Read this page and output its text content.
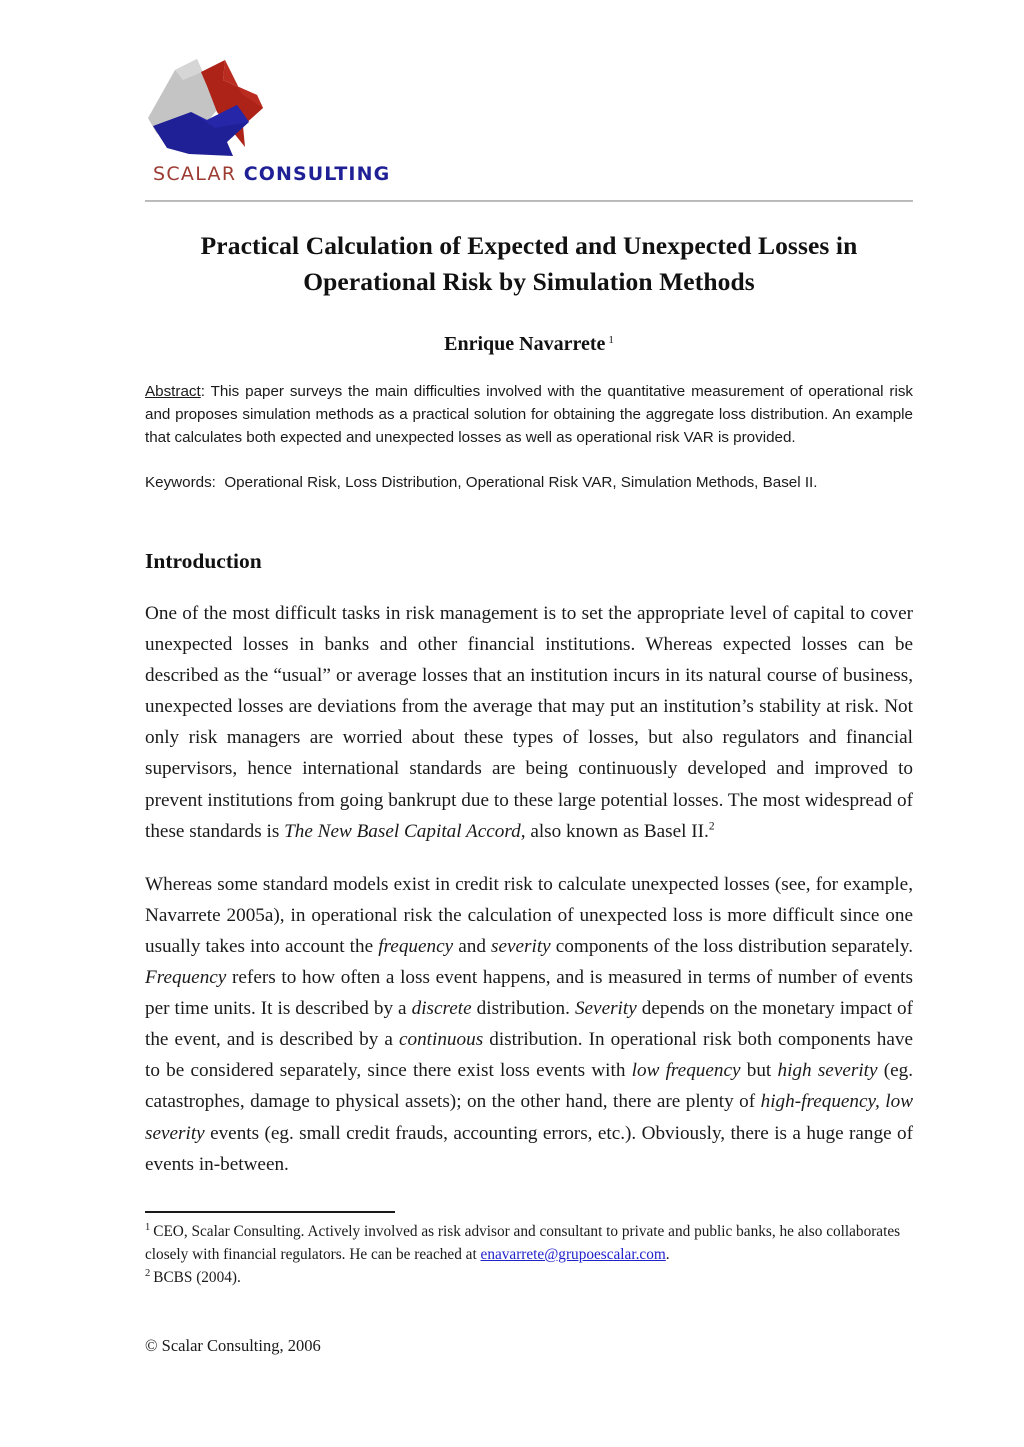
SCALAR CONSULTING
Practical Calculation of Expected and Unexpected Losses in
Operational Risk by Simulation Methods

Enrique Navarrete $^1$

Abstract: This paper surveys the main difficulties involved with the quantitative measurement of operational risk and proposes simulation methods as a practical solution for obtaining the aggregate loss distribution. An example that calculates both expected and unexpected losses as well as operational risk VAR is provided.

Keywords: Operational Risk, Loss Distribution, Operational Risk VAR, Simulation Methods, Basel II.

Introduction

One of the most difficult tasks in risk management is to set the appropriate level of capital to cover unexpected losses in banks and other financial institutions. Whereas expected losses can be described as the “usual” or average losses that an institution incurs in its natural course of business, unexpected losses are deviations from the average that may put an institution’s stability at risk. Not only risk managers are worried about these types of losses, but also regulators and financial supervisors, hence international standards are being continuously developed and improved to prevent institutions from going bankrupt due to these large potential losses. The most widespread of these standards is The New Basel Capital Accord, also known as Basel II.$^2$

Whereas some standard models exist in credit risk to calculate unexpected losses (see, for example, Navarrete 2005a), in operational risk the calculation of unexpected loss is more difficult since one usually takes into account the frequency and severity components of the loss distribution separately. Frequency refers to how often a loss event happens, and is measured in terms of number of events per time units. It is described by a discrete distribution. Severity depends on the monetary impact of the event, and is described by a continuous distribution. In operational risk both components have to be considered separately, since there exist loss events with low frequency but high severity (eg. catastrophes, damage to physical assets); on the other hand, there are plenty of high-frequency, low severity events (eg. small credit frauds, accounting errors, etc.). Obviously, there is a huge range of events in-between.

$^1$ CEO, Scalar Consulting. Actively involved as risk advisor and consultant to private and public banks, he also collaborates closely with financial regulators. He can be reached at enavarrete@grupoescalar.com.

$^2$ BCBS (2004).

© Scalar Consulting, 2006
